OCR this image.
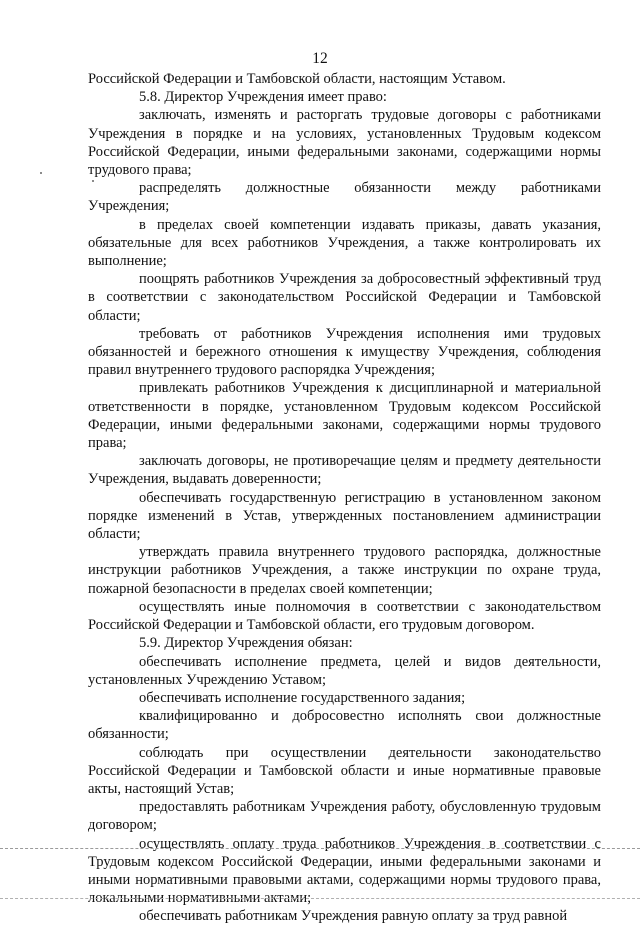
12

Российской Федерации и Тамбовской области, настоящим Уставом.

5.8. Директор Учреждения имеет право:

заключать, изменять и расторгать трудовые договоры с работниками Учреждения в порядке и на условиях, установленных Трудовым кодексом Российской Федерации, иными федеральными законами, содержащими нормы трудового права;

распределять должностные обязанности между работниками Учреждения;

в пределах своей компетенции издавать приказы, давать указания, обязательные для всех работников Учреждения, а также контролировать их выполнение;

поощрять работников Учреждения за добросовестный эффективный труд в соответствии с законодательством Российской Федерации и Тамбовской области;

требовать от работников Учреждения исполнения ими трудовых обязанностей и бережного отношения к имуществу Учреждения, соблюдения правил внутреннего трудового распорядка Учреждения;

привлекать работников Учреждения к дисциплинарной и материальной ответственности в порядке, установленном Трудовым кодексом Российской Федерации, иными федеральными законами, содержащими нормы трудового права;

заключать договоры, не противоречащие целям и предмету деятельности Учреждения, выдавать доверенности;

обеспечивать государственную регистрацию в установленном законом порядке изменений в Устав, утвержденных постановлением администрации области;

утверждать правила внутреннего трудового распорядка, должностные инструкции работников Учреждения, а также инструкции по охране труда, пожарной безопасности в пределах своей компетенции;

осуществлять иные полномочия в соответствии с законодательством Российской Федерации и Тамбовской области, его трудовым договором.

5.9. Директор Учреждения обязан:

обеспечивать исполнение предмета, целей и видов деятельности, установленных Учреждению Уставом;

обеспечивать исполнение государственного задания;

квалифицированно и добросовестно исполнять свои должностные обязанности;

соблюдать при осуществлении деятельности законодательство Российской Федерации и Тамбовской области и иные нормативные правовые акты, настоящий Устав;

предоставлять работникам Учреждения работу, обусловленную трудовым договором;

осуществлять оплату труда работников Учреждения в соответствии с Трудовым кодексом Российской Федерации, иными федеральными законами и иными нормативными правовыми актами, содержащими нормы трудового права, локальными нормативными актами;

обеспечивать работникам Учреждения равную оплату за труд равной
